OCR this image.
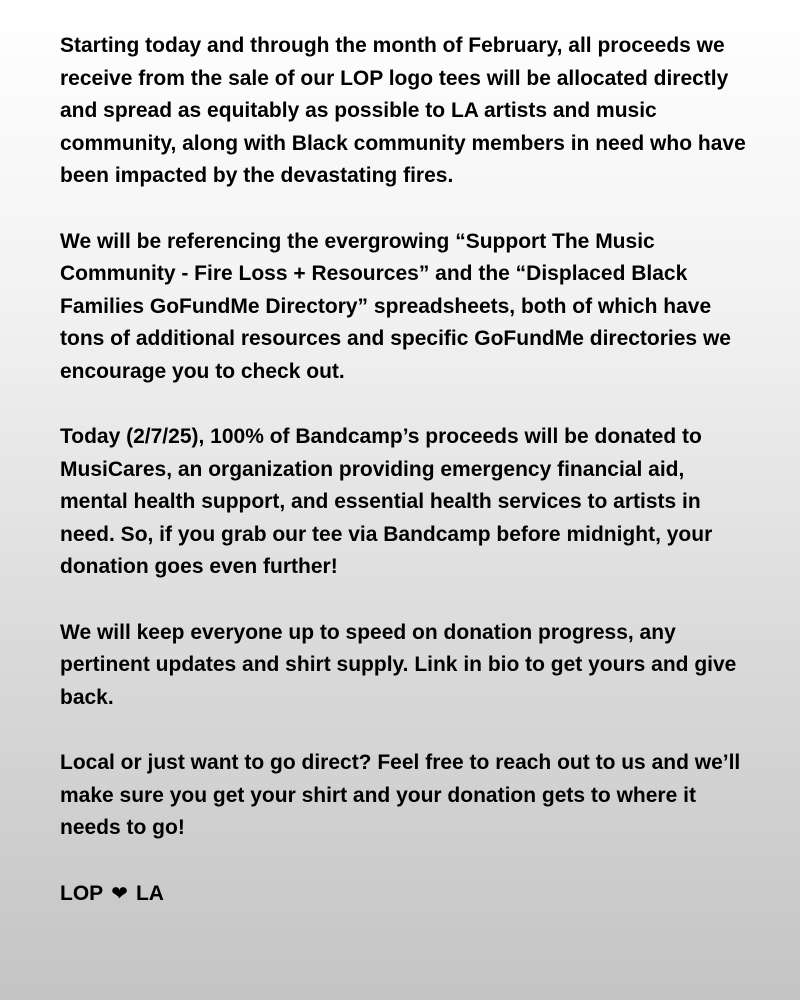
Starting today and through the month of February, all proceeds we receive from the sale of our LOP logo tees will be allocated directly and spread as equitably as possible to LA artists and music community, along with Black community members in need who have been impacted by the devastating fires.

We will be referencing the evergrowing “Support The Music Community - Fire Loss + Resources” and the “Displaced Black Families GoFundMe Directory” spreadsheets, both of which have tons of additional resources and specific GoFundMe directories we encourage you to check out.

Today (2/7/25), 100% of Bandcamp’s proceeds will be donated to MusiCares, an organization providing emergency financial aid, mental health support, and essential health services to artists in need. So, if you grab our tee via Bandcamp before midnight, your donation goes even further!

We will keep everyone up to speed on donation progress, any pertinent updates and shirt supply. Link in bio to get yours and give back.

Local or just want to go direct? Feel free to reach out to us and we’ll make sure you get your shirt and your donation gets to where it needs to go!

LOP ❤ LA
